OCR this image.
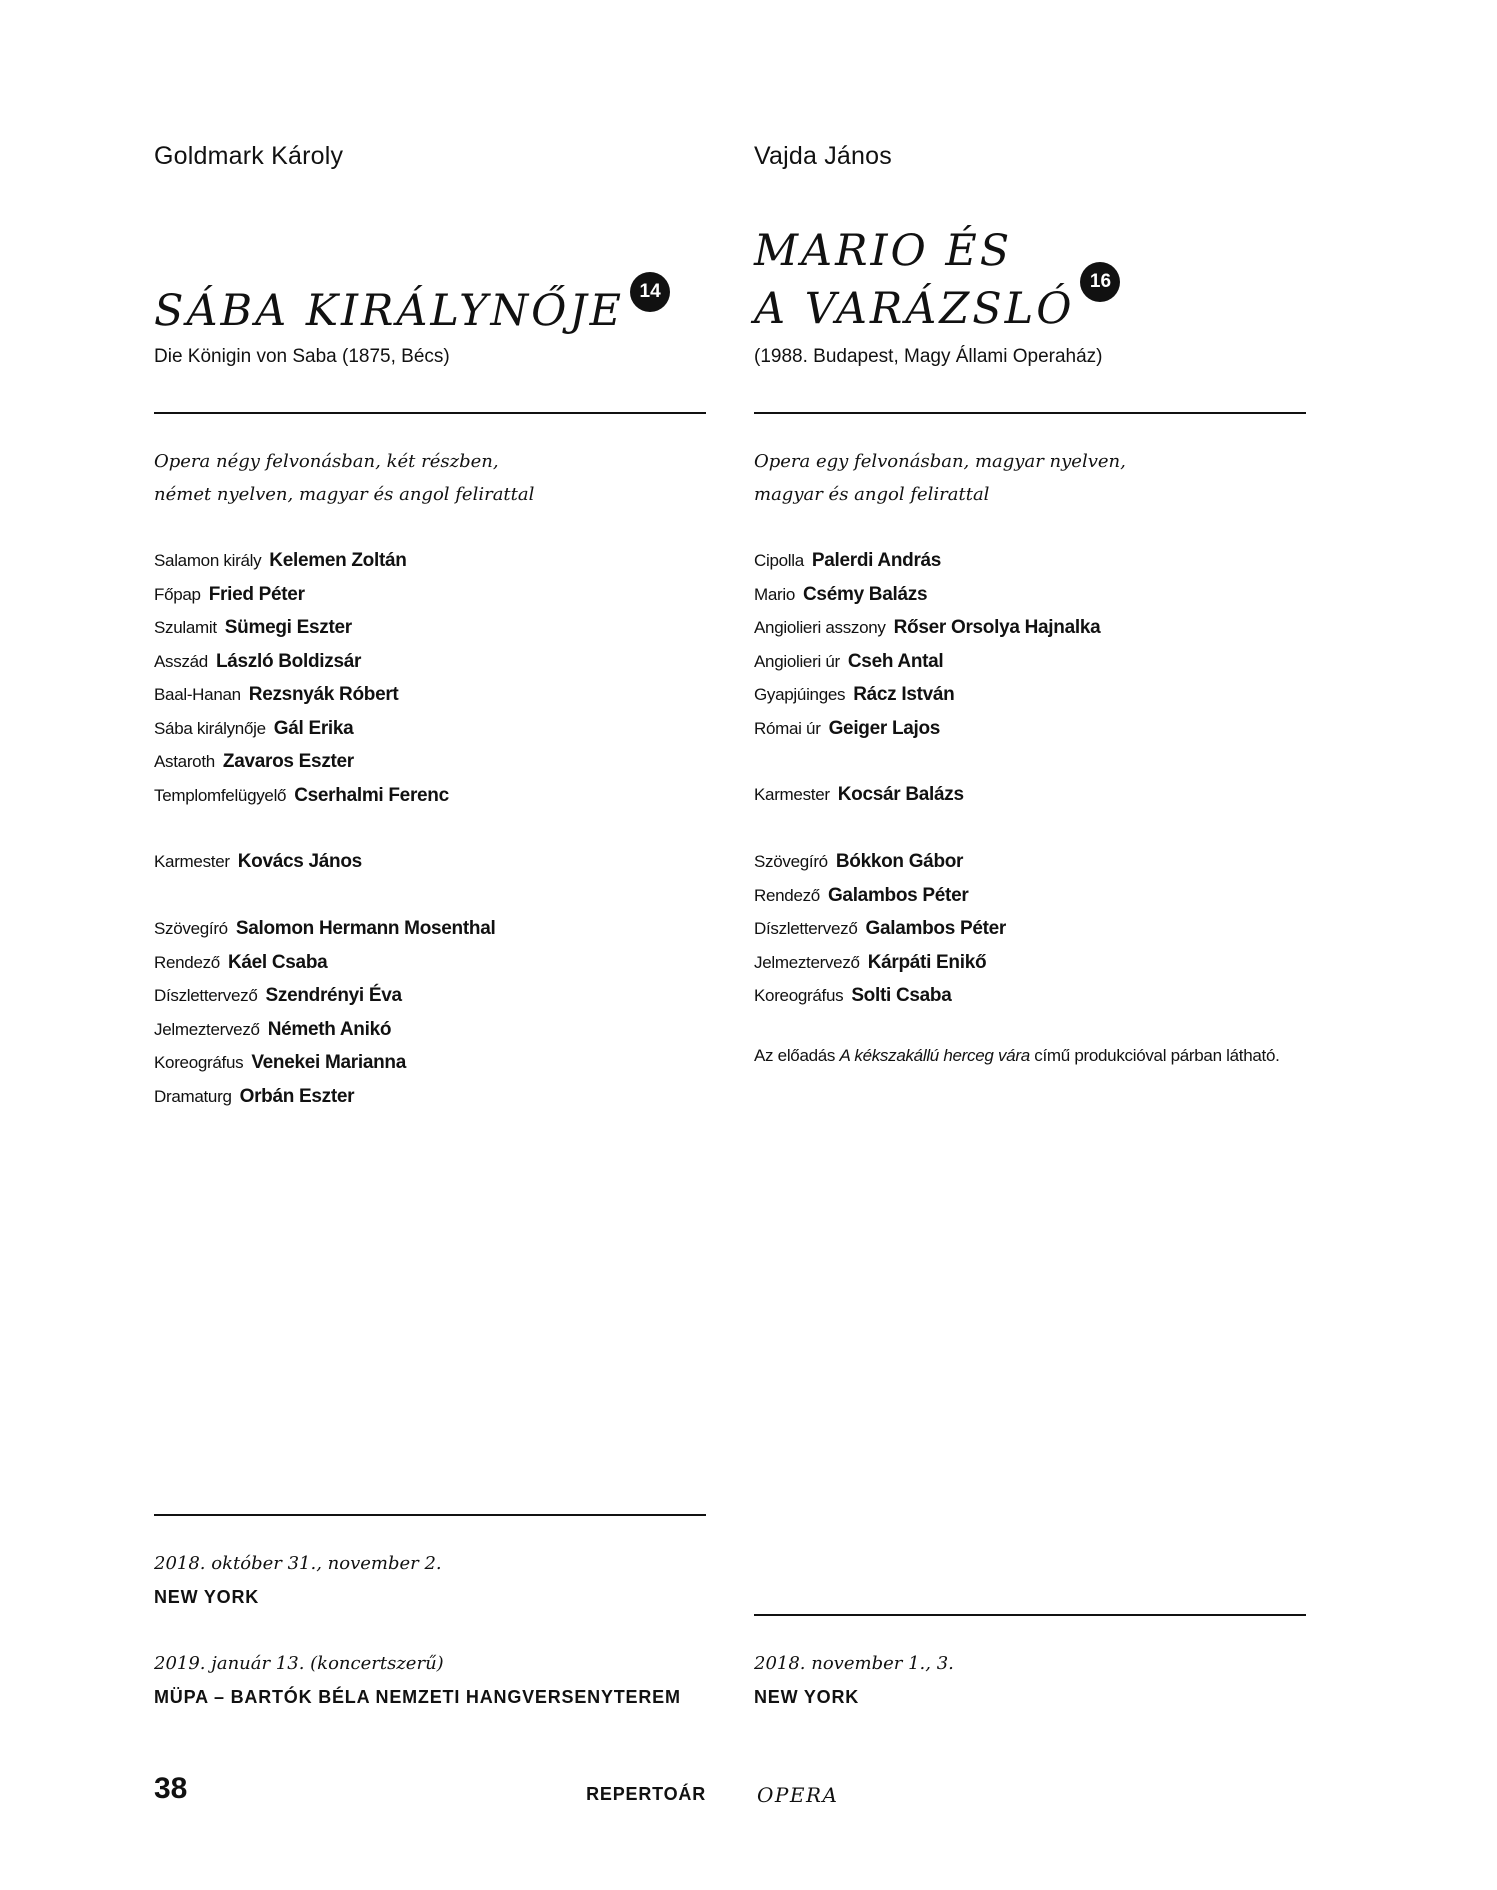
Goldmark Károly
SÁBA KIRÁLYNŐJE 14
Die Königin von Saba (1875, Bécs)
Opera négy felvonásban, két részben,
német nyelven, magyar és angol felirattal
Salamon király Kelemen Zoltán
Főpap Fried Péter
Szulamit Sümegi Eszter
Asszád László Boldizsár
Baal-Hanan Rezsnyák Róbert
Sába királynője Gál Erika
Astaroth Zavaros Eszter
Templomfelügyelő Cserhalmi Ferenc
Karmester Kovács János
Szövegíró Salomon Hermann Mosenthal
Rendező Káel Csaba
Díszlettervező Szendrényi Éva
Jelmeztervező Németh Anikó
Koreográfus Venekei Marianna
Dramaturg Orbán Eszter
2018. október 31., november 2.
NEW YORK
2019. január 13. (koncertszerű)
MÜPA – BARTÓK BÉLA NEMZETI HANGVERSENYTEREM
Vajda János
MARIO ÉS
A VARÁZSLÓ
16
(1988. Budapest, Magy Állami Operaház)
Opera egy felvonásban, magyar nyelven,
magyar és angol felirattal
Cipolla Palerdi András
Mario Csémy Balázs
Angiolieri asszony Rőser Orsolya Hajnalka
Angiolieri úr Cseh Antal
Gyapjúinges Rácz István
Római úr Geiger Lajos
Karmester Kocsár Balázs
Szövegíró Bókkon Gábor
Rendező Galambos Péter
Díszlettervező Galambos Péter
Jelmeztervező Kárpáti Enikő
Koreográfus Solti Csaba
Az előadás A kékszakállú herceg vára című produkcióval párban látható.
2018. november 1., 3.
NEW YORK
38	REPERTOÁR	OPERA
